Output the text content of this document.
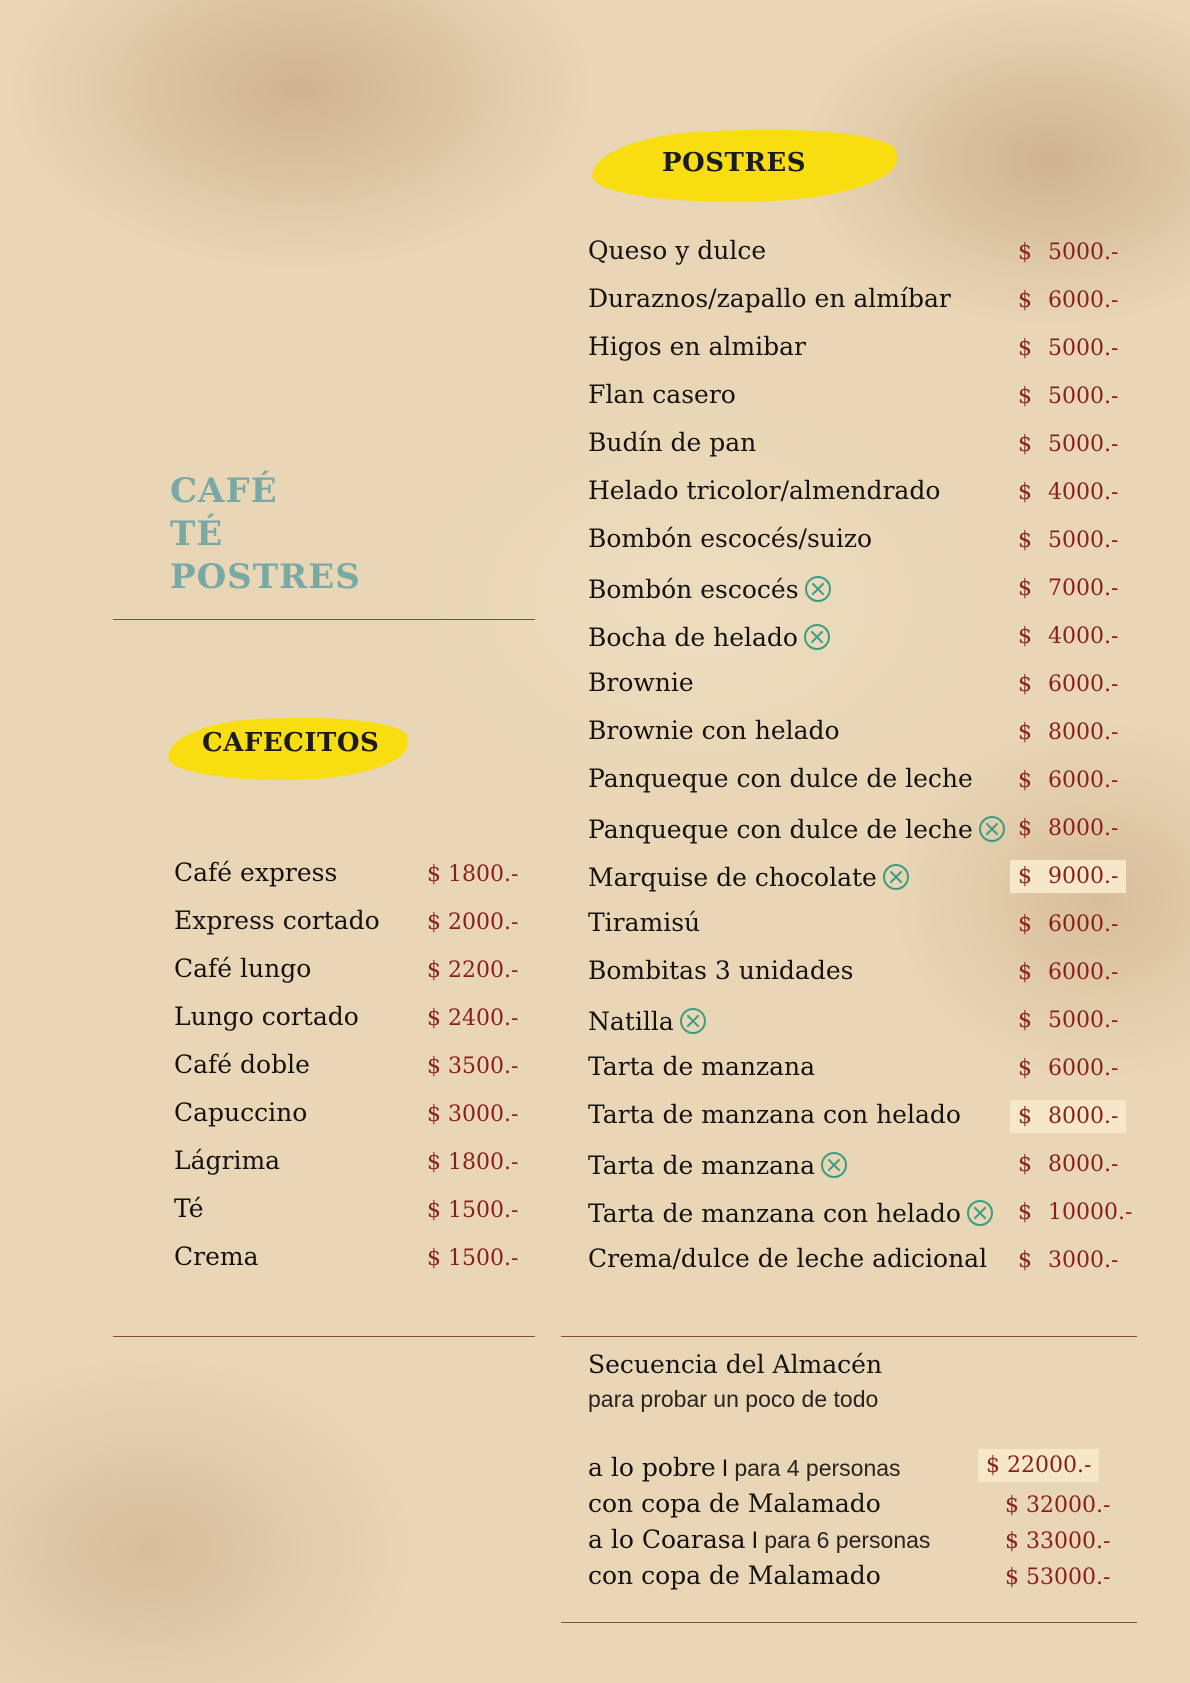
CAFÉ
TÉ
POSTRES
CAFECITOS
Café express	$ 1800.-
Express cortado $ 2000.-
Café lungo	$ 2200.-
Lungo cortado	$ 2400.-
Café doble	$ 3500.-
Capuccino	$ 3000.-
Lágrima	$ 1800.-
Té	$ 1500.-
Crema	$ 1500.-
POSTRES
Queso y dulce	$ 5000.-
Duraznos/zapallo en almíbar	$ 6000.-
Higos en almibar	$ 5000.-
Flan casero	$ 5000.-
Budín de pan	$ 5000.-
Helado tricolor/almendrado	$ 4000.-
Bombón escocés/suizo	$ 5000.-
Bombón escocés	$ 7000.-
Bocha de helado	$ 4000.-
Brownie	$ 6000.-
Brownie con helado	$ 8000.-
Panqueque con dulce de leche $ 6000.-
Panqueque con dulce de leche	$ 8000.-
Marquise de chocolate	$ 9000.-
Tiramisú	$ 6000.-
Bombitas 3 unidades	$ 6000.-
Natilla	$ 5000.-
Tarta de manzana	$ 6000.-
Tarta de manzana con helado	$ 8000.-
Tarta de manzana	$ 8000.-
Tarta de manzana con helado	$ 10000.-
Crema/dulce de leche adicional $ 3000.-
Secuencia del Almacén
para probar un poco de todo
a lo pobre I para 4 personas	$ 22000.-
con copa de Malamado	$ 32000.-
a lo Coarasa I para 6 personas	$ 33000.-
con copa de Malamado	$ 53000.-
